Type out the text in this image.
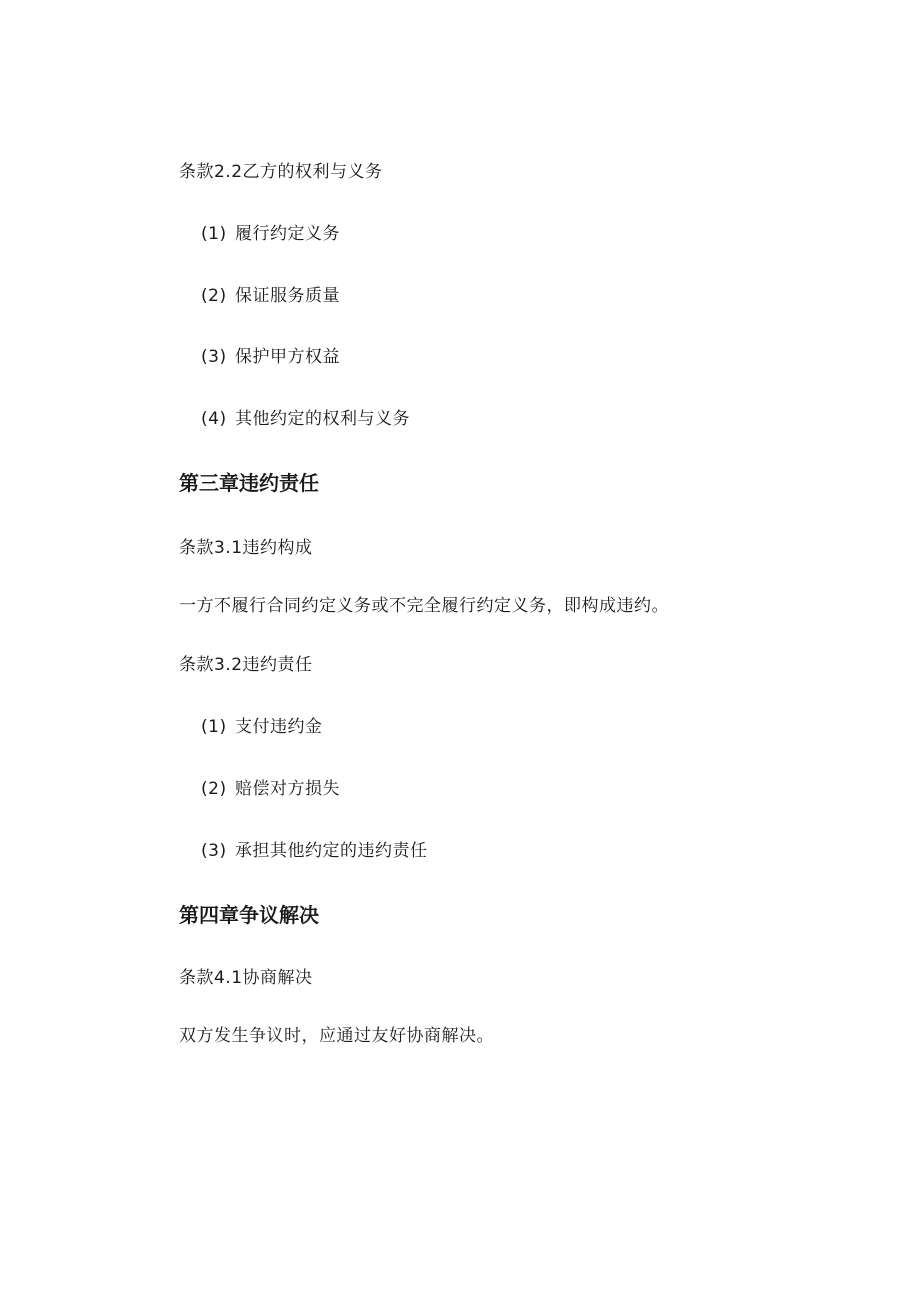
条款2.2乙方的权利与义务
(1) 履行约定义务
(2) 保证服务质量
(3) 保护甲方权益
(4) 其他约定的权利与义务
第三章违约责任
条款3.1违约构成
一方不履行合同约定义务或不完全履行约定义务，即构成违约。
条款3.2违约责任
(1) 支付违约金
(2) 赔偿对方损失
(3) 承担其他约定的违约责任
第四章争议解决
条款4.1协商解决
双方发生争议时，应通过友好协商解决。
